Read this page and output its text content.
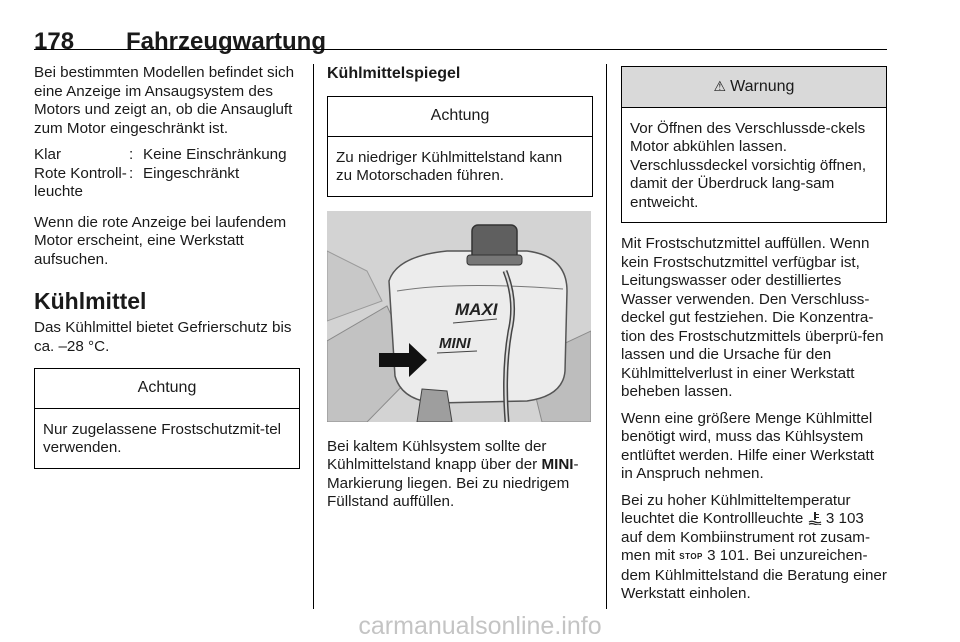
178 Fahrzeugwartung

Bei bestimmten Modellen befindet sich eine Anzeige im Ansaugsystem des Motors und zeigt an, ob die Ansaugluft zum Motor eingeschränkt ist.

Klar	: Keine Einschränkung
Rote Kontroll-leuchte
: Eingeschränkt

Wenn die rote Anzeige bei laufendem Motor erscheint, eine Werkstatt aufsuchen.

Kühlmittel

Das Kühlmittel bietet Gefrierschutz bis ca. –28 °C.

Achtung
Nur zugelassene Frostschutzmit-tel verwenden.
Kühlmittelspiegel
Achtung
Zu niedriger Kühlmittelstand kann zu Motorschaden führen.
MAXI
MINI

Bei kaltem Kühlsystem sollte der Kühlmittelstand knapp über der MINI-Markierung liegen. Bei zu niedrigem Füllstand auffüllen.

⚠ Warnung
Vor Öffnen des Verschlussde-ckels Motor abkühlen lassen. Verschlussdeckel vorsichtig öffnen, damit der Überdruck lang-sam entweicht.

Mit Frostschutzmittel auffüllen. Wenn kein Frostschutzmittel verfügbar ist, Leitungswasser oder destilliertes Wasser verwenden. Den Verschluss-deckel gut festziehen. Die Konzentra-tion des Frostschutzmittels überprü-fen lassen und die Ursache für den Kühlmittelverlust in einer Werkstatt beheben lassen.

Wenn eine größere Menge Kühlmittel benötigt wird, muss das Kühlsystem entlüftet werden. Hilfe einer Werkstatt in Anspruch nehmen.

Bei zu hoher Kühlmitteltemperatur leuchtet die Kontrollleuchte  3 103 auf dem Kombiinstrument rot zusam-men mit STOP 3 101. Bei unzureichen-dem Kühlmittelstand die Beratung einer Werkstatt einholen.

carmanualsonline.info
